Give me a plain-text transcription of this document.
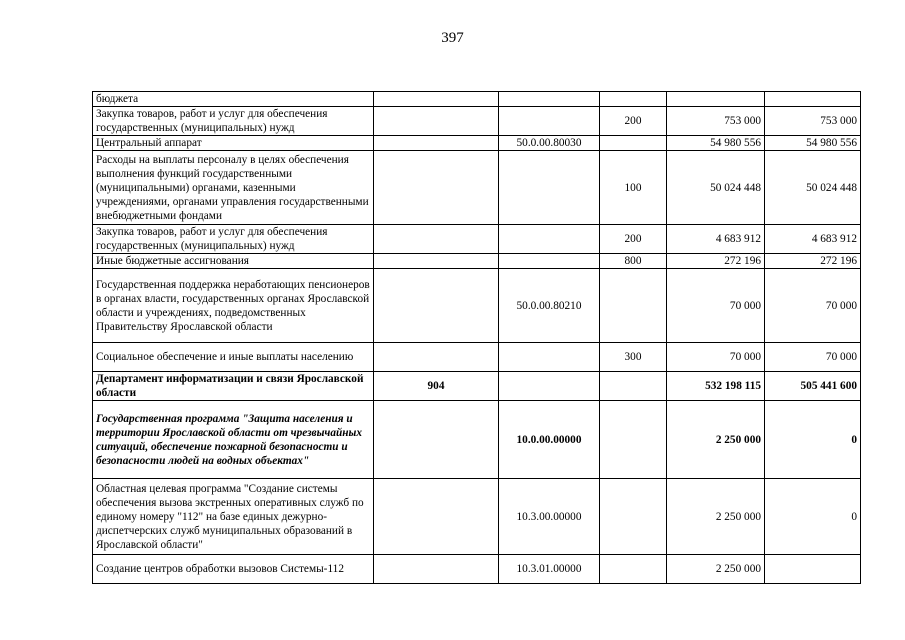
397
бюджета					
Закупка товаров, работ и услуг для обеспечения государственных (муниципальных) нужд			200	753 000	753 000
Центральный аппарат		50.0.00.80030		54 980 556	54 980 556
Расходы на выплаты персоналу в целях обеспечения выполнения функций государственными (муниципальными) органами, казенными учреждениями, органами управления государственными внебюджетными фондами			100	50 024 448	50 024 448
Закупка товаров, работ и услуг для обеспечения государственных (муниципальных) нужд			200	4 683 912	4 683 912
Иные бюджетные ассигнования			800	272 196	272 196
Государственная поддержка неработающих пенсионеров в органах власти, государственных органах Ярославской области и учреждениях, подведомственных Правительству Ярославской области		50.0.00.80210		70 000	70 000
Социальное обеспечение и иные выплаты населению			300	70 000	70 000
Департамент информатизации и связи Ярославской области	904			532 198 115	505 441 600
Государственная программа "Защита населения и территории Ярославской области от чрезвычайных ситуаций, обеспечение пожарной безопасности и безопасности людей на водных объектах"		10.0.00.00000		2 250 000	0
Областная целевая программа "Создание системы обеспечения вызова экстренных оперативных служб по единому номеру "112" на базе единых дежурно-диспетчерских служб муниципальных образований в Ярославской области"		10.3.00.00000		2 250 000	0
Создание центров обработки вызовов Системы-112		10.3.01.00000		2 250 000	
